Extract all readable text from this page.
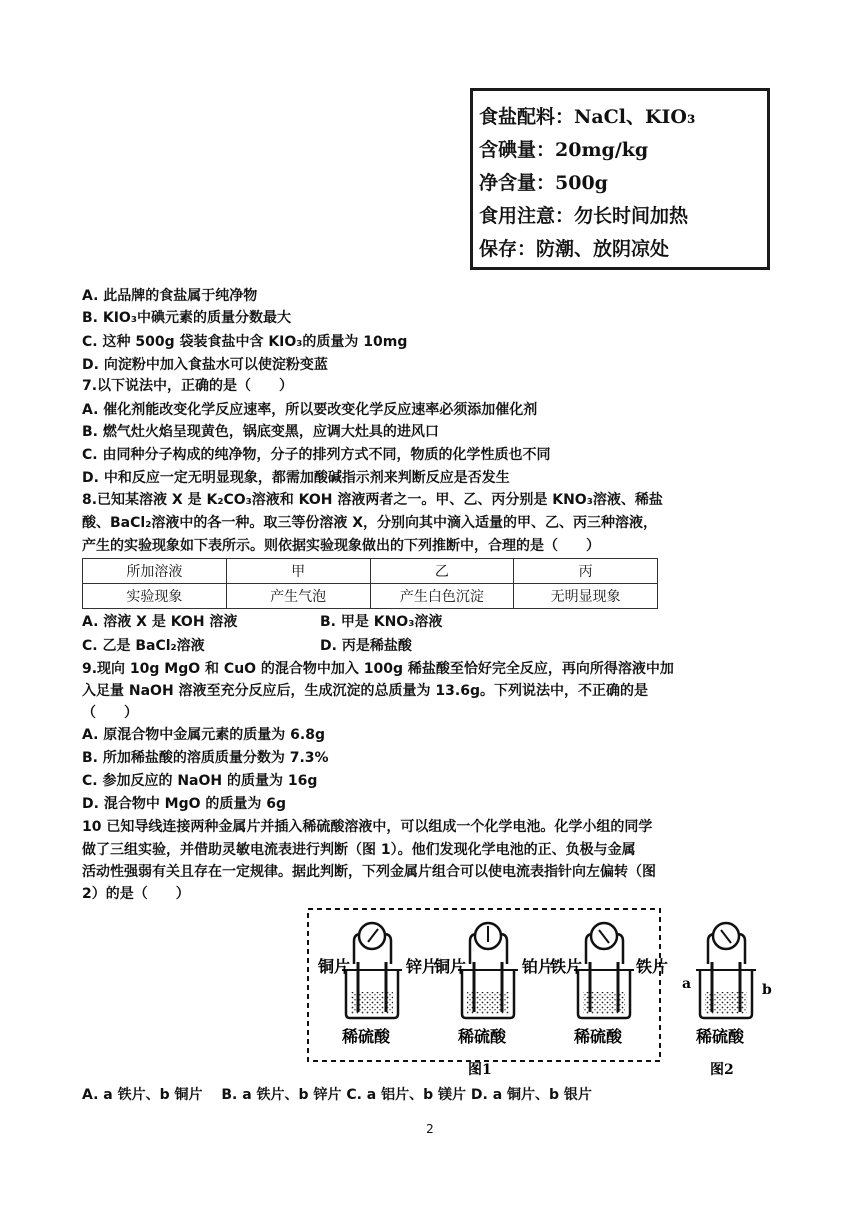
食盐配料：NaCl、KIO₃
含碘量：20mg/kg
净含量：500g
食用注意：勿长时间加热
保存：防潮、放阴凉处
A. 此品牌的食盐属于纯净物
B. KIO₃中碘元素的质量分数最大
C. 这种 500g 袋装食盐中含 KIO₃的质量为 10mg
D. 向淀粉中加入食盐水可以使淀粉变蓝
7.以下说法中，正确的是（　　）
A. 催化剂能改变化学反应速率，所以要改变化学反应速率必须添加催化剂
B. 燃气灶火焰呈现黄色，锅底变黑，应调大灶具的进风口
C. 由同种分子构成的纯净物，分子的排列方式不同，物质的化学性质也不同
D. 中和反应一定无明显现象，都需加酸碱指示剂来判断反应是否发生
8.已知某溶液 X 是 K₂CO₃溶液和 KOH 溶液两者之一。甲、乙、丙分别是 KNO₃溶液、稀盐
酸、BaCl₂溶液中的各一种。取三等份溶液 X，分别向其中滴入适量的甲、乙、丙三种溶液，
产生的实验现象如下表所示。则依据实验现象做出的下列推断中，合理的是（　　）
所加溶液	甲	乙	丙
实验现象	产生气泡	产生白色沉淀	无明显现象
A. 溶液 X 是 KOH 溶液	B. 甲是 KNO₃溶液
C. 乙是 BaCl₂溶液	D. 丙是稀盐酸
9.现向 10g MgO 和 CuO 的混合物中加入 100g 稀盐酸至恰好完全反应，再向所得溶液中加
入足量 NaOH 溶液至充分反应后，生成沉淀的总质量为 13.6g。下列说法中，不正确的是
（　　）
A. 原混合物中金属元素的质量为 6.8g
B. 所加稀盐酸的溶质质量分数为 7.3%
C. 参加反应的 NaOH 的质量为 16g
D. 混合物中 MgO 的质量为 6g
10 已知导线连接两种金属片并插入稀硫酸溶液中，可以组成一个化学电池。化学小组的同学
做了三组实验，并借助灵敏电流表进行判断（图 1）。他们发现化学电池的正、负极与金属
活动性强弱有关且存在一定规律。据此判断，下列金属片组合可以使电流表指针向左偏转（图
2）的是（　　）
铜片	锌片
稀硫酸
铜片	铂片
稀硫酸
铁片	铁片
稀硫酸
图1
a	b
稀硫酸
图2
A. a 铁片、b 铜片　 B. a 铁片、b 锌片 C. a 铝片、b 镁片 D. a 铜片、b 银片
2
